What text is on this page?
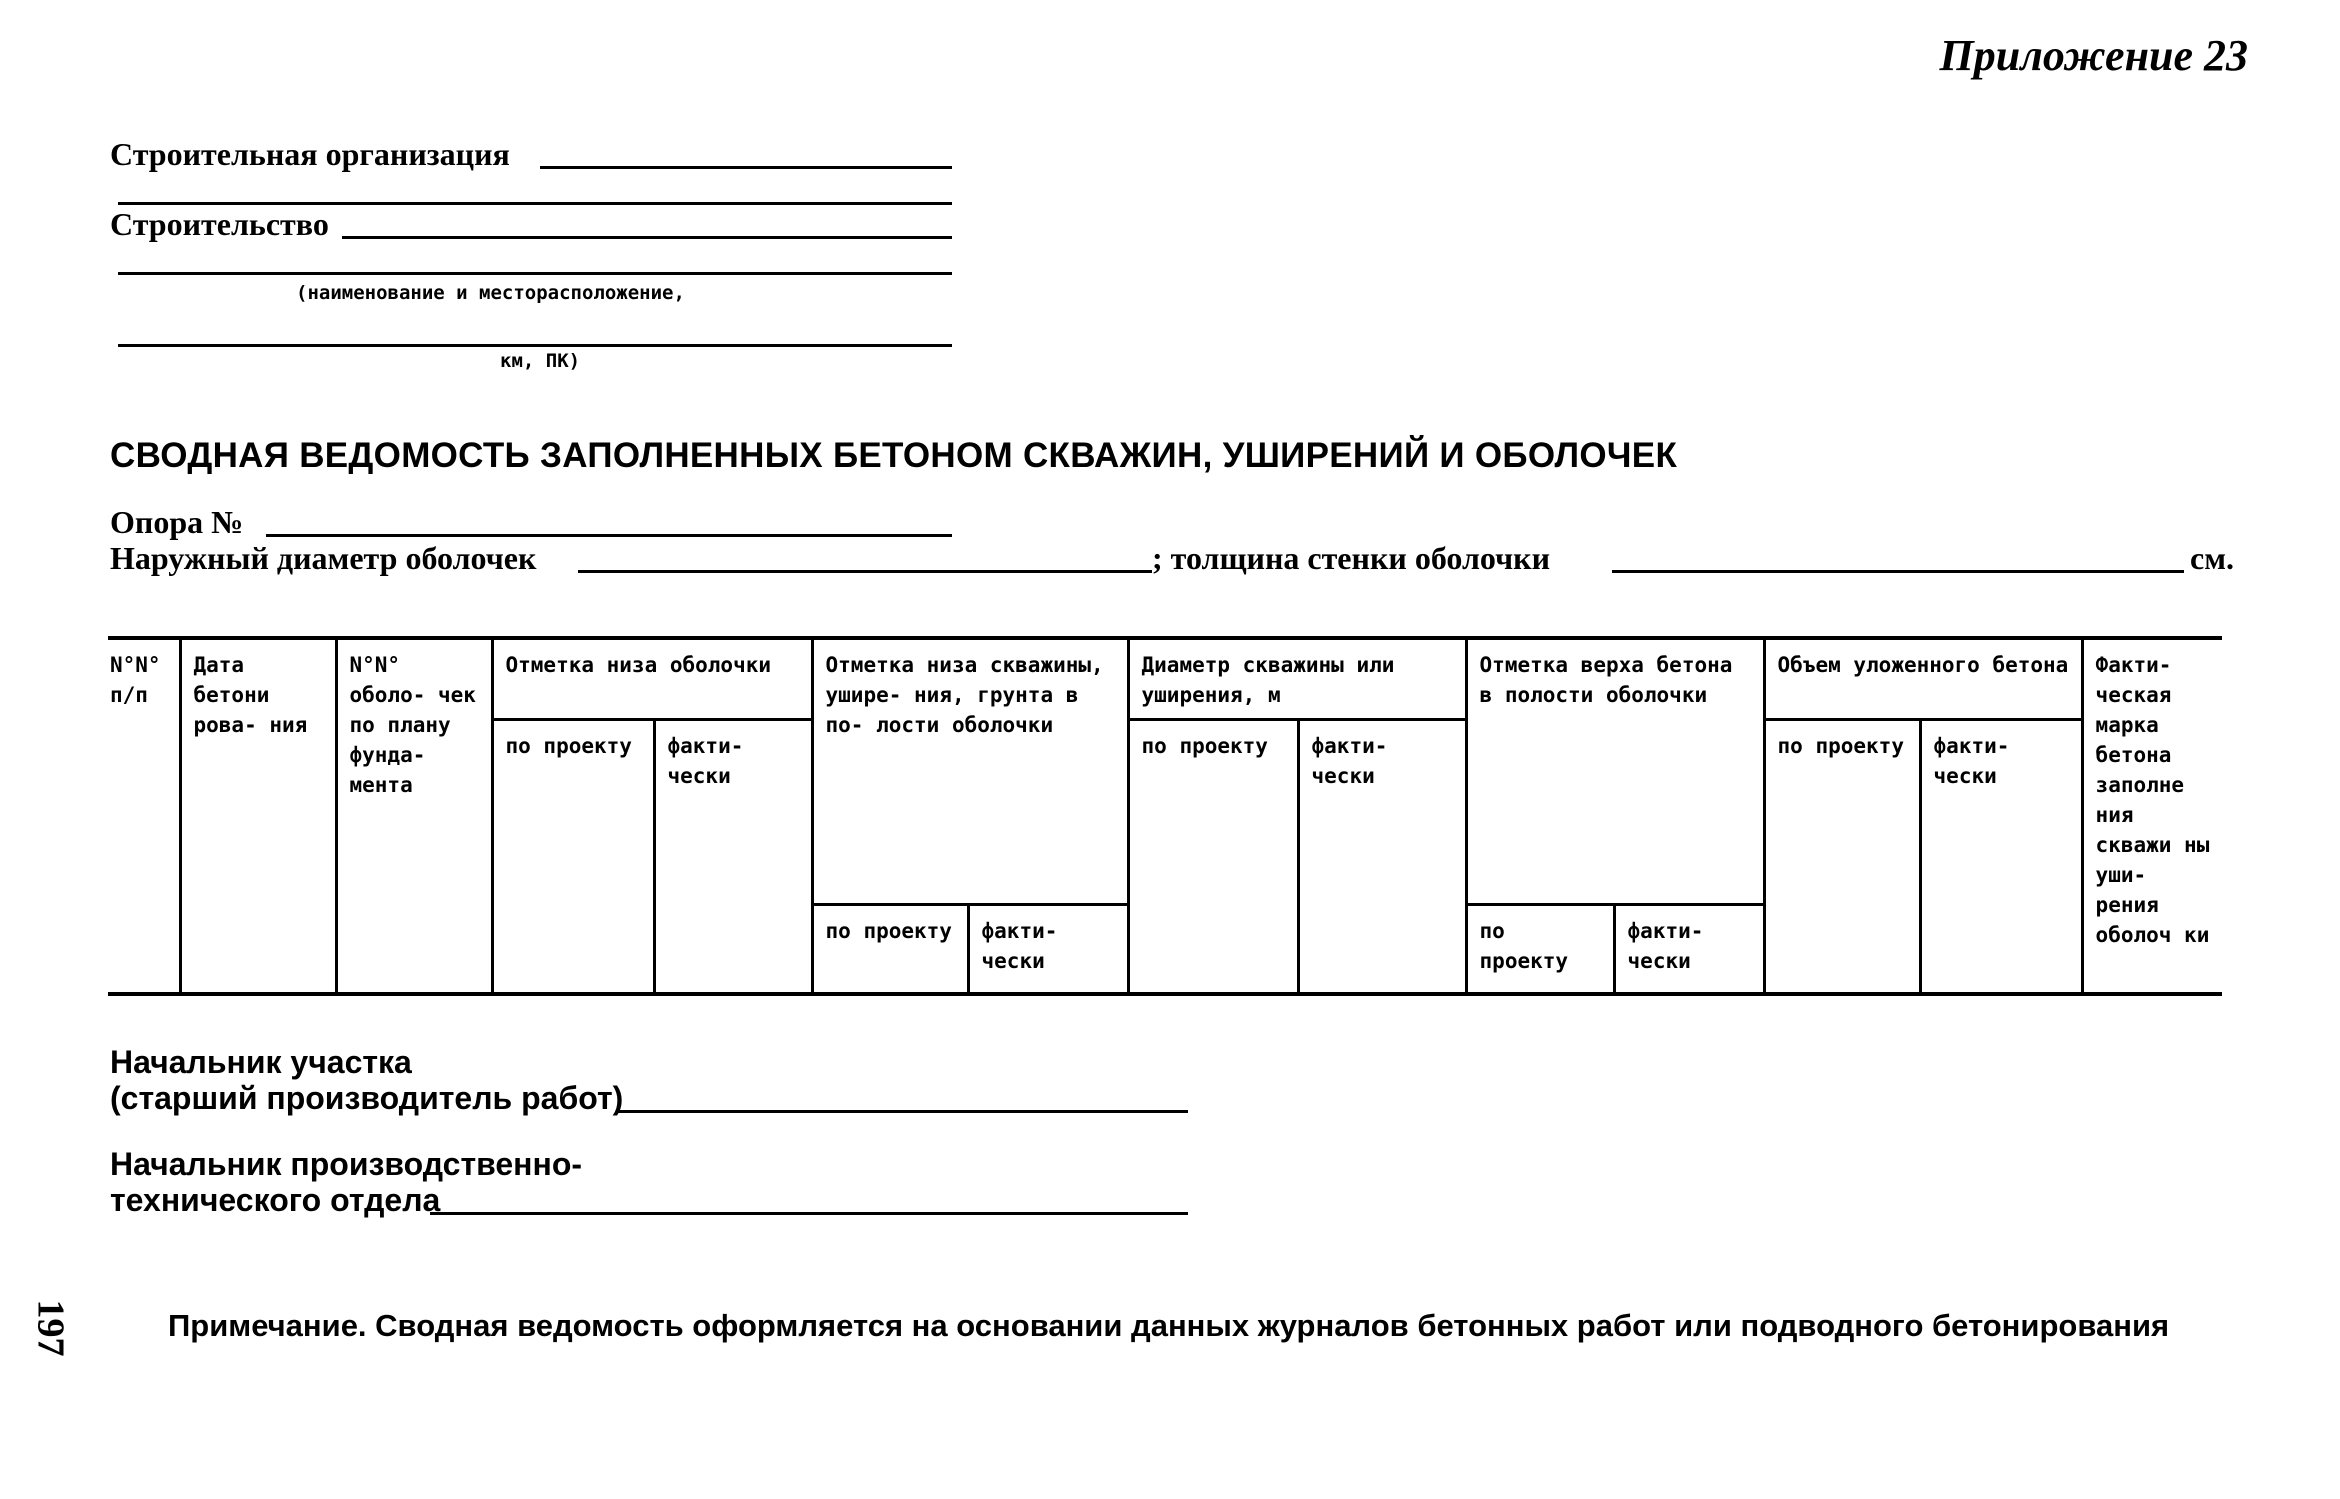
Приложение 23
Строительная организация
Строительство
(наименование и месторасположение,
км, ПК)
СВОДНАЯ ВЕДОМОСТЬ ЗАПОЛНЕННЫХ БЕТОНОМ СКВАЖИН, УШИРЕНИЙ И ОБОЛОЧЕК
Опора №
Наружный диаметр оболочек	; толщина стенки оболочки	см.
N°N° п/п	Дата бетони рова- ния	N°N° оболо- чек по плану фунда- мента	Отметка низа оболочки		Отметка низа скважины, ушире- ния, грунта в по- лости оболочки		Диаметр скважины или уширения, м		Отметка верха бетона в полости оболочки		Объем уложенного бетона		Факти- ческая марка бетона заполне ния скважи ны уши- рения оболоч ки
			по проекту	факти- чески			по проекту	факти- чески			по проекту	факти- чески	
					по проекту	факти- чески			по проекту	факти- чески			
Начальник участка
(старший производитель работ)
Начальник производственно-
технического отдела
197	Примечание. Сводная ведомость оформляется на основании данных журналов бетонных работ или подводного бетонирования
